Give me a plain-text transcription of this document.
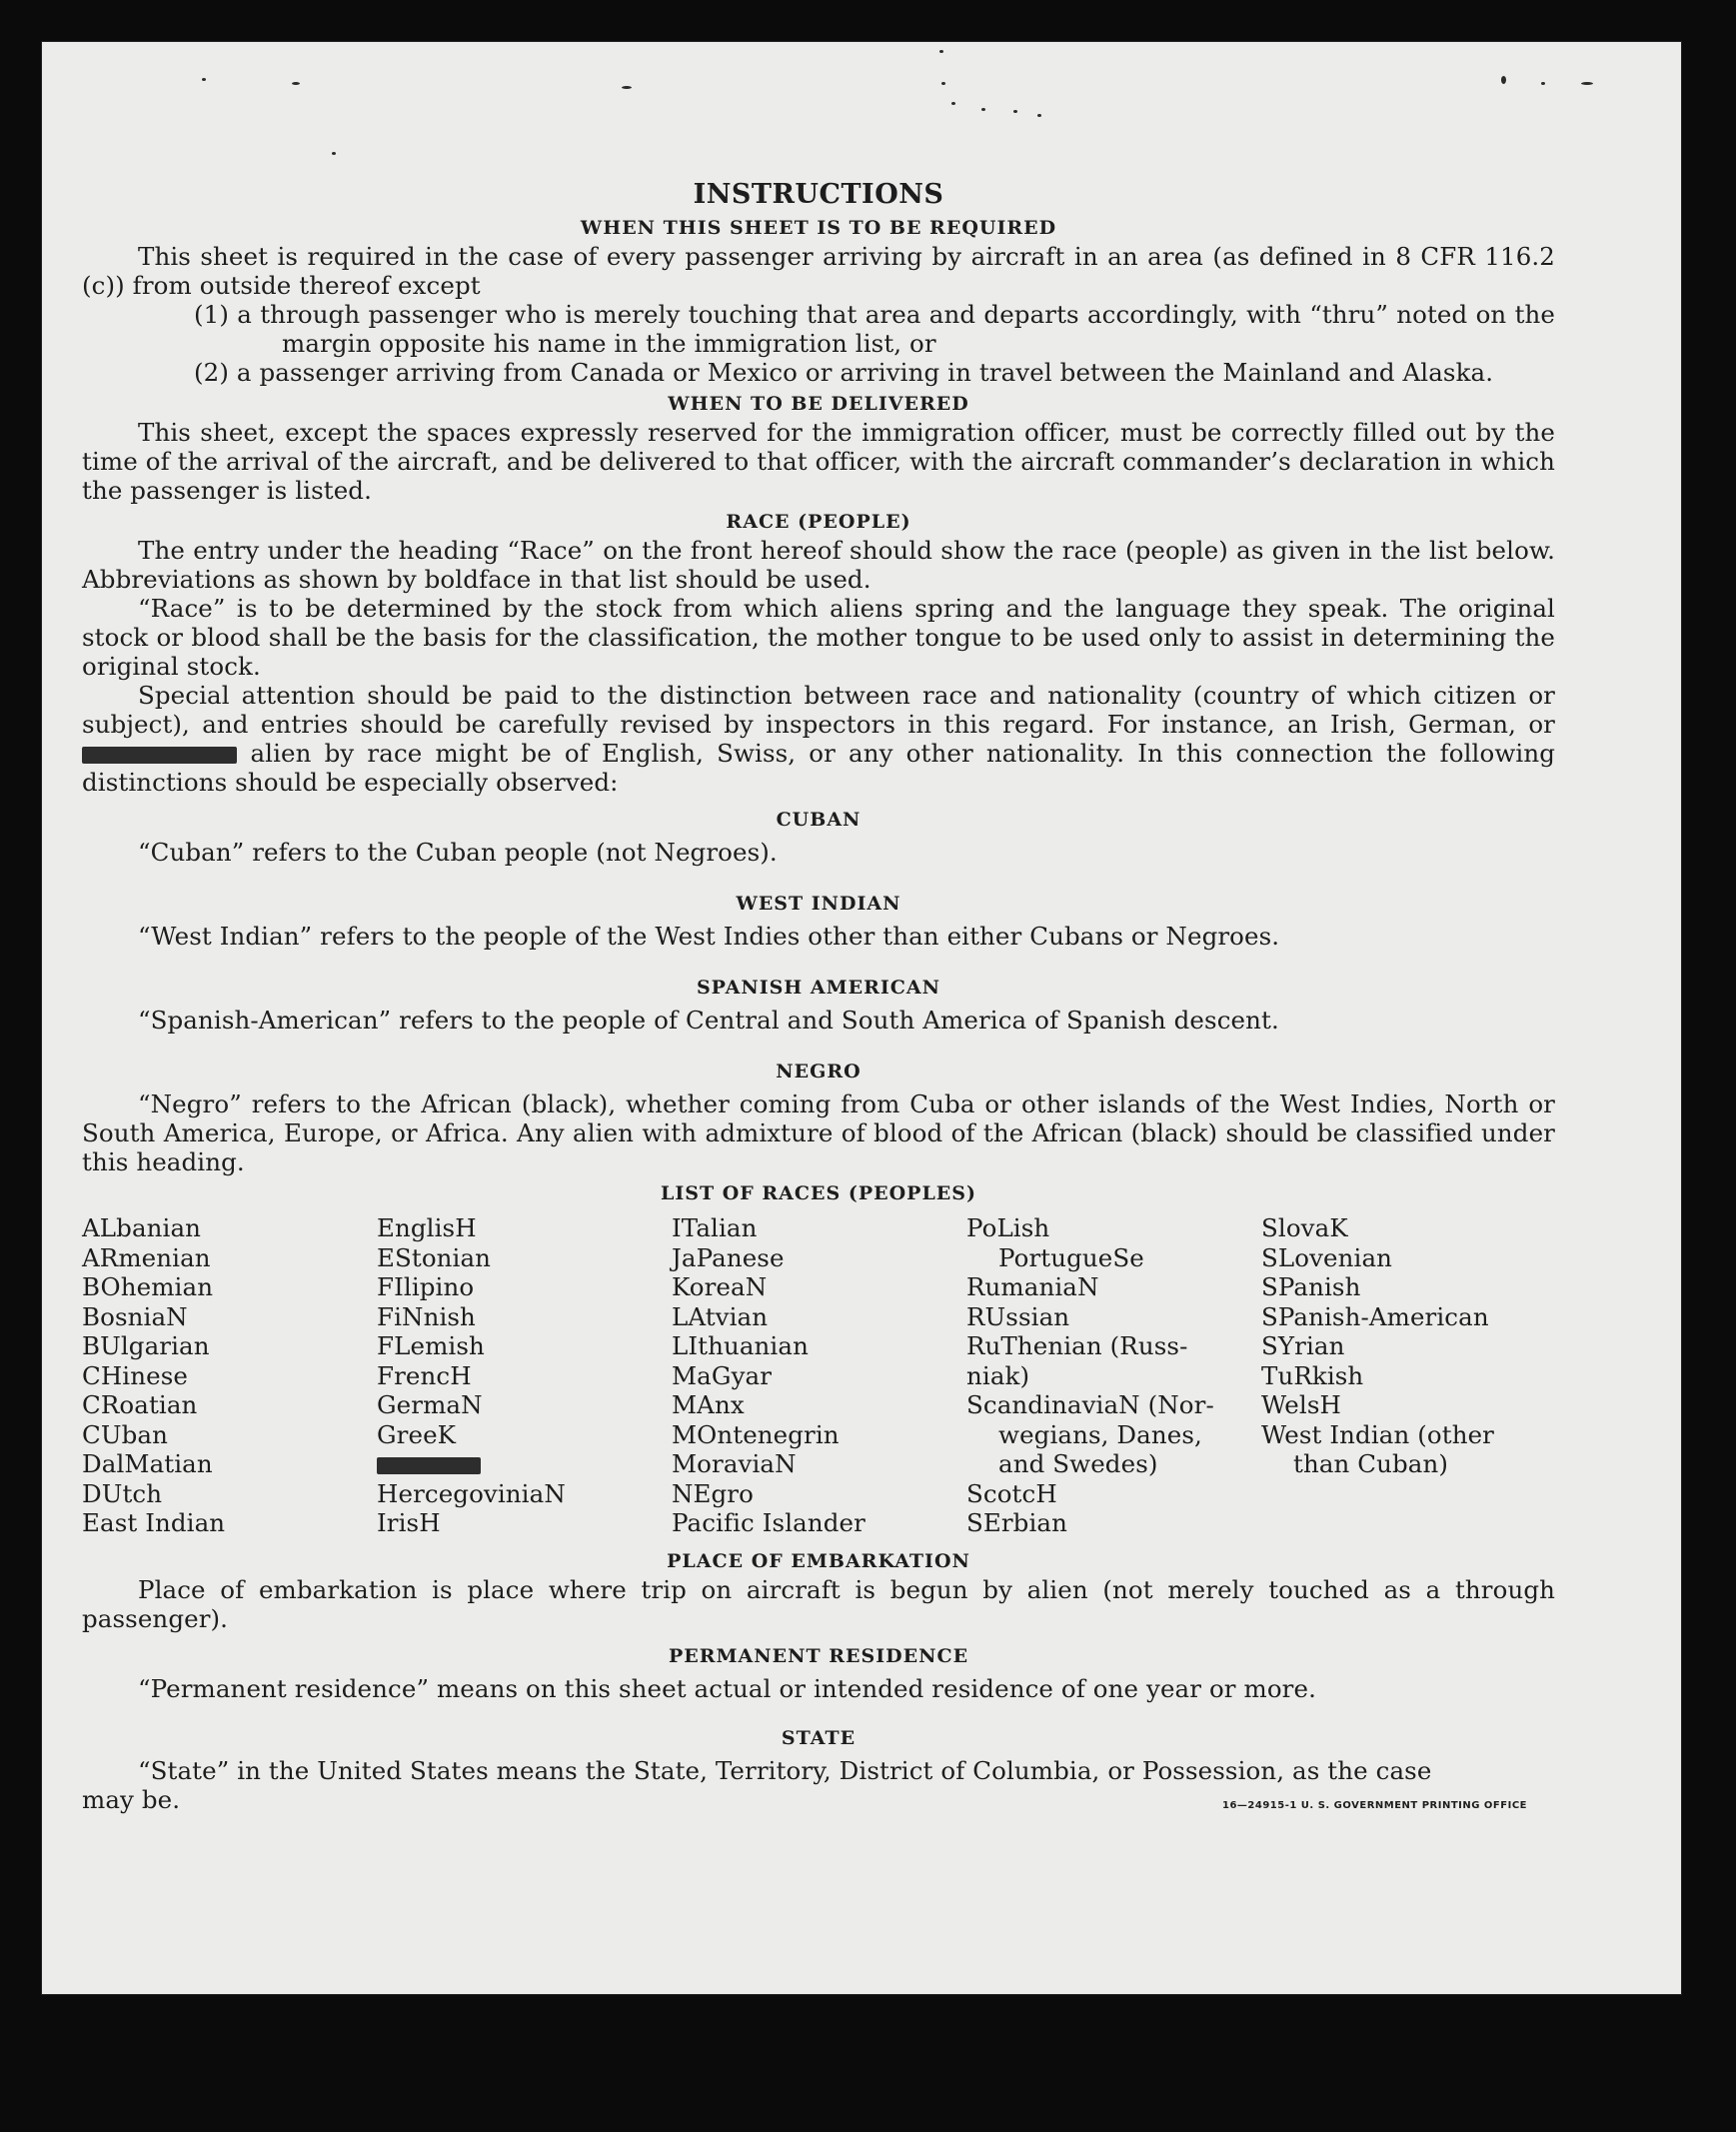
INSTRUCTIONS
WHEN THIS SHEET IS TO BE REQUIRED

This sheet is required in the case of every passenger arriving by aircraft in an area (as defined in 8 CFR 116.2 (c)) from outside thereof except

(1) a through passenger who is merely touching that area and departs accordingly, with “thru” noted on the margin opposite his name in the immigration list, or

(2) a passenger arriving from Canada or Mexico or arriving in travel between the Mainland and Alaska.

WHEN TO BE DELIVERED

This sheet, except the spaces expressly reserved for the immigration officer, must be correctly filled out by the time of the arrival of the aircraft, and be delivered to that officer, with the aircraft commander’s declaration in which the passenger is listed.

RACE (PEOPLE)

The entry under the heading “Race” on the front hereof should show the race (people) as given in the list below. Abbreviations as shown by boldface in that list should be used.

“Race” is to be determined by the stock from which aliens spring and the language they speak. The original stock or blood shall be the basis for the classification, the mother tongue to be used only to assist in determining the original stock.

Special attention should be paid to the distinction between race and nationality (country of which citizen or subject), and entries should be carefully revised by inspectors in this regard. For instance, an Irish, German, or  alien by race might be of English, Swiss, or any other nationality. In this connection the following distinctions should be especially observed:

CUBAN

“Cuban” refers to the Cuban people (not Negroes).

WEST INDIAN

“West Indian” refers to the people of the West Indies other than either Cubans or Negroes.

SPANISH AMERICAN

“Spanish-American” refers to the people of Central and South America of Spanish descent.

NEGRO

“Negro” refers to the African (black), whether coming from Cuba or other islands of the West Indies, North or South America, Europe, or Africa. Any alien with admixture of blood of the African (black) should be classified under this heading.

LIST OF RACES (PEOPLES)
ALbanian
ARmenian
BOhemian
BosniaN
BUlgarian
CHinese
CRoatian
CUban
DalMatian
DUtch
East Indian
EnglisH
EStonian
FIlipino
FiNnish
FLemish
FrencH
GermaN
GreeK
HercegoviniaN
IrisH
ITalian
JaPanese
KoreaN
LAtvian
LIthuanian
MaGyar
MAnx
MOntenegrin
MoraviaN
NEgro
Pacific Islander
PoLish
PortugueSe
RumaniaN
RUssian
RuThenian (Russ-
niak)
ScandinaviaN (Nor-
wegians, Danes,
and Swedes)
ScotcH
SErbian
SlovaK
SLovenian
SPanish
SPanish-American
SYrian
TuRkish
WelsH
West Indian (other
than Cuban)
PLACE OF EMBARKATION

Place of embarkation is place where trip on aircraft is begun by alien (not merely touched as a through passenger).

PERMANENT RESIDENCE

“Permanent residence” means on this sheet actual or intended residence of one year or more.

STATE

“State” in the United States means the State, Territory, District of Columbia, or Possession, as the case

may be.	16—24915-1 U. S. GOVERNMENT PRINTING OFFICE
